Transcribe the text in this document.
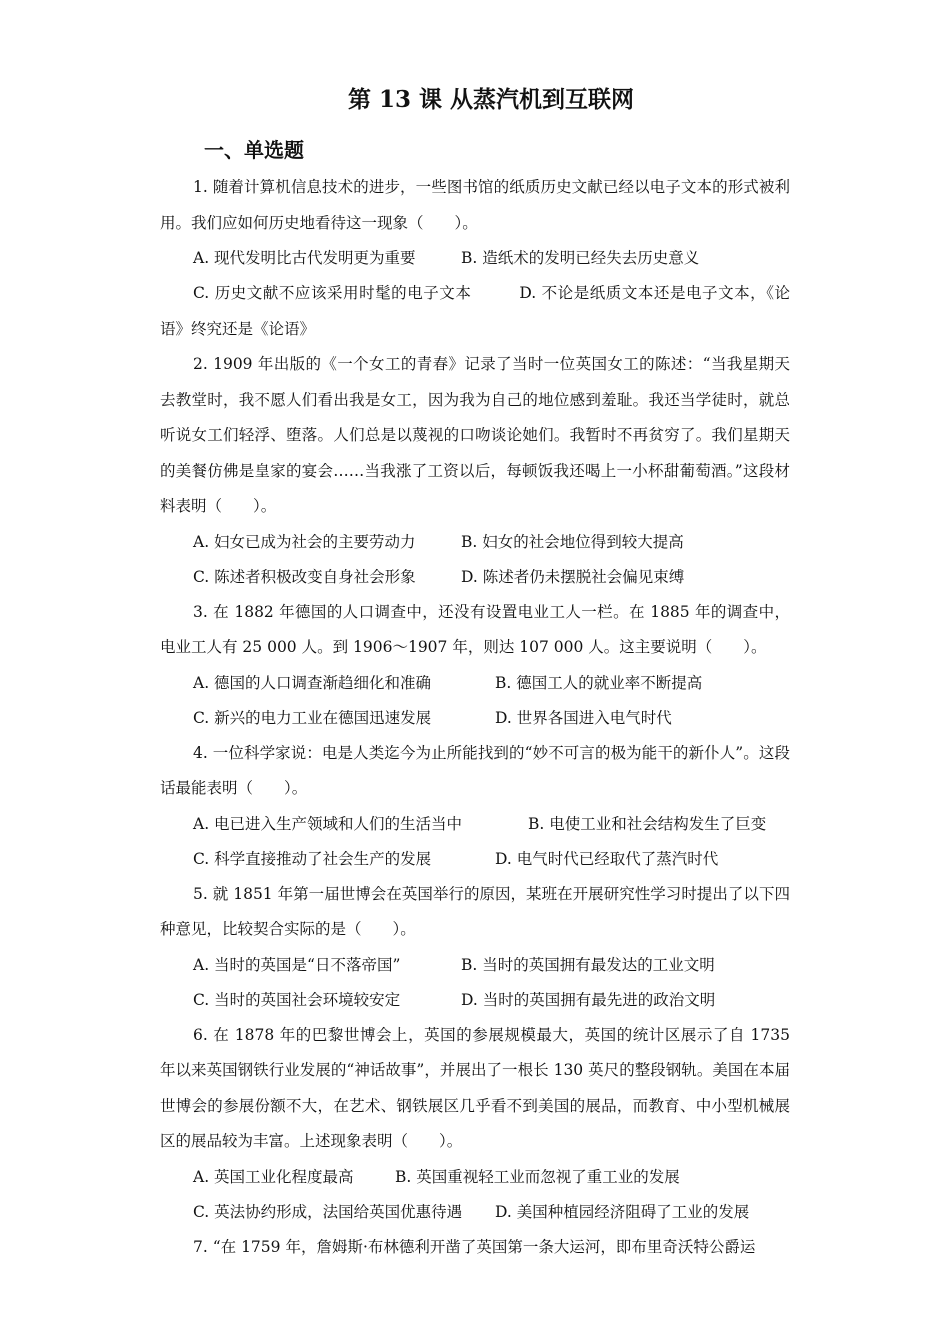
第 13 课 从蒸汽机到互联网
一、单选题

1. 随着计算机信息技术的进步，一些图书馆的纸质历史文献已经以电子文本的形式被利用。我们应如何历史地看待这一现象（　　）。

A. 现代发明比古代发明更为重要	B. 造纸术的发明已经失去历史意义

C. 历史文献不应该采用时髦的电子文本	D. 不论是纸质文本还是电子文本，《论语》终究还是《论语》

2. 1909 年出版的《一个女工的青春》记录了当时一位英国女工的陈述：“当我星期天去教堂时，我不愿人们看出我是女工，因为我为自己的地位感到羞耻。我还当学徒时，就总听说女工们轻浮、堕落。人们总是以蔑视的口吻谈论她们。我暂时不再贫穷了。我们星期天的美餐仿佛是皇家的宴会……当我涨了工资以后，每顿饭我还喝上一小杯甜葡萄酒。”这段材料表明（　　）。

A. 妇女已成为社会的主要劳动力	B. 妇女的社会地位得到较大提高
C. 陈述者积极改变自身社会形象	D. 陈述者仍未摆脱社会偏见束缚

3. 在 1882 年德国的人口调查中，还没有设置电业工人一栏。在 1885 年的调查中，电业工人有 25 000 人。到 1906～1907 年，则达 107 000 人。这主要说明（　　）。

A. 德国的人口调查渐趋细化和准确	B. 德国工人的就业率不断提高
C. 新兴的电力工业在德国迅速发展	D. 世界各国进入电气时代

4. 一位科学家说：电是人类迄今为止所能找到的“妙不可言的极为能干的新仆人”。这段话最能表明（　　）。

A. 电已进入生产领域和人们的生活当中	B. 电使工业和社会结构发生了巨变
C. 科学直接推动了社会生产的发展	D. 电气时代已经取代了蒸汽时代

5. 就 1851 年第一届世博会在英国举行的原因，某班在开展研究性学习时提出了以下四种意见，比较契合实际的是（　　）。

A. 当时的英国是“日不落帝国”	B. 当时的英国拥有最发达的工业文明
C. 当时的英国社会环境较安定	D. 当时的英国拥有最先进的政治文明

6. 在 1878 年的巴黎世博会上，英国的参展规模最大，英国的统计区展示了自 1735 年以来英国钢铁行业发展的“神话故事”，并展出了一根长 130 英尺的整段钢轨。美国在本届世博会的参展份额不大，在艺术、钢铁展区几乎看不到美国的展品，而教育、中小型机械展区的展品较为丰富。上述现象表明（　　）。

A. 英国工业化程度最高	B. 英国重视轻工业而忽视了重工业的发展
C. 英法协约形成，法国给英国优惠待遇	D. 美国种植园经济阻碍了工业的发展

7. “在 1759 年，詹姆斯·布林德利开凿了英国第一条大运河，即布里奇沃特公爵运
